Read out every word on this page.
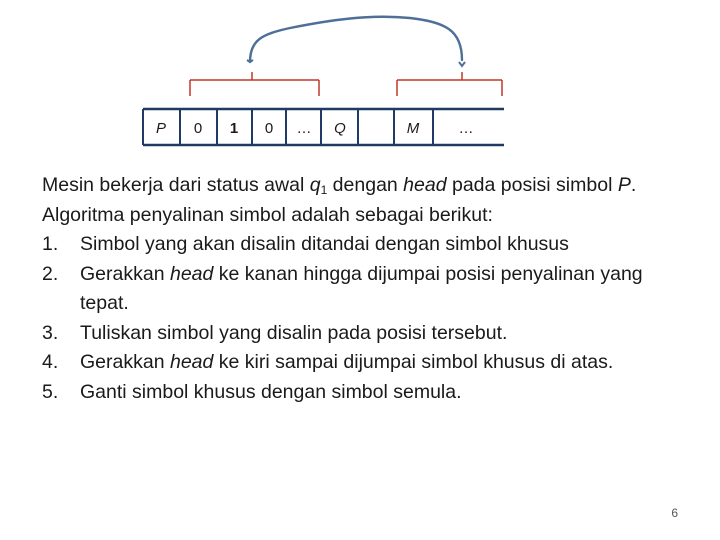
P 0 1 0 … Q	M	…

Mesin bekerja dari status awal $q_1$ dengan head pada posisi simbol P.

Algoritma penyalinan simbol adalah sebagai berikut:

1.	Simbol yang akan disalin ditandai dengan simbol khusus
2.	Gerakkan head ke kanan hingga dijumpai posisi penyalinan yang tepat.
3.	Tuliskan simbol yang disalin pada posisi tersebut.
4.	Gerakkan head ke kiri sampai dijumpai simbol khusus di atas.
5.	Ganti simbol khusus dengan simbol semula.
6
